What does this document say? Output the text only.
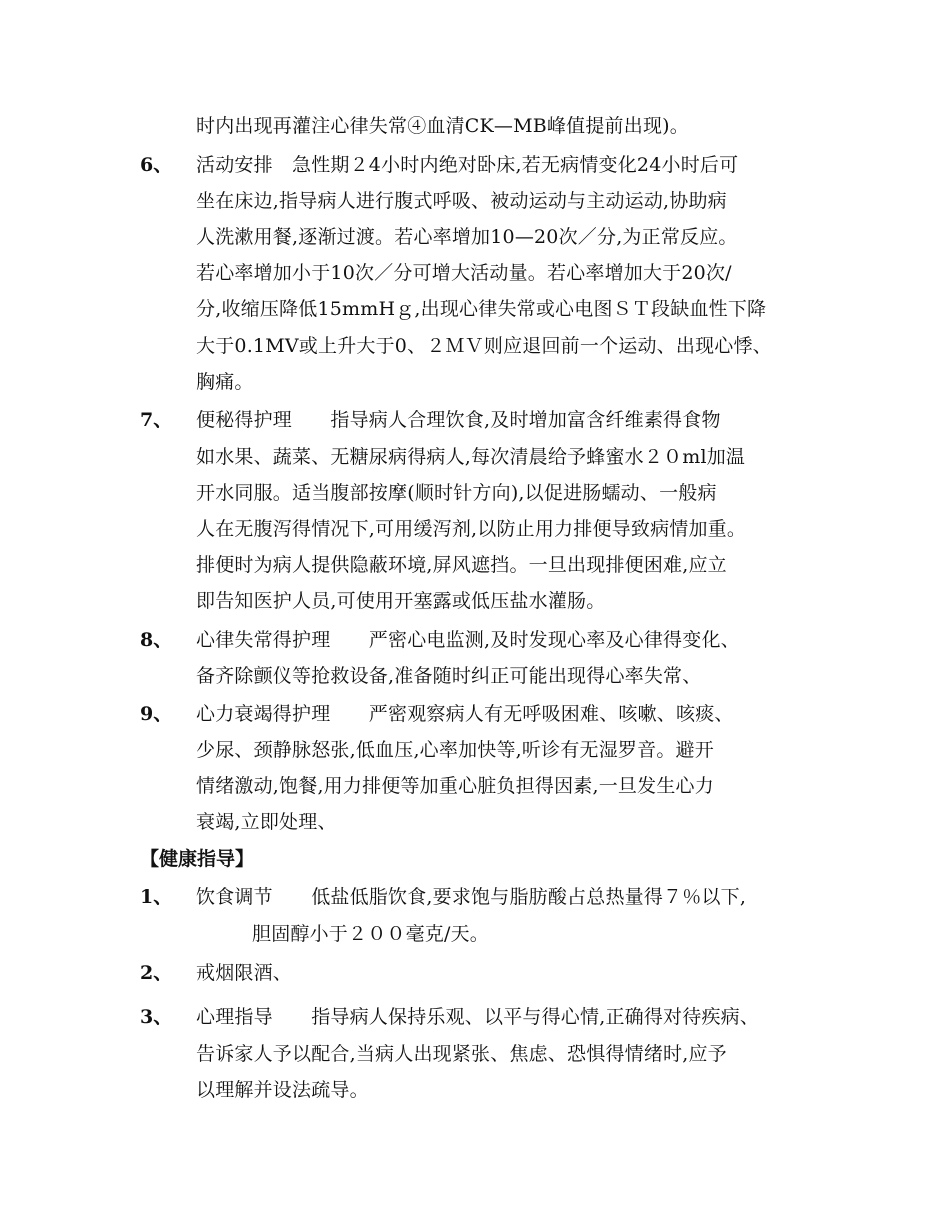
时内出现再灌注心律失常④血清CK—MB峰值提前出现)。
6、 活动安排　急性期２4小时内绝对卧床,若无病情变化24小时后可
坐在床边,指导病人进行腹式呼吸、被动运动与主动运动,协助病
人洗漱用餐,逐渐过渡。若心率增加10—20次／分,为正常反应。
若心率增加小于10次／分可增大活动量。若心率增加大于20次/
分,收缩压降低15mmHｇ,出现心律失常或心电图ＳＴ段缺血性下降
大于0.1MV或上升大于0、２ＭＶ则应退回前一个运动、出现心悸、
胸痛。
7、 便秘得护理　　指导病人合理饮食,及时增加富含纤维素得食物
如水果、蔬菜、无糖尿病得病人,每次清晨给予蜂蜜水２０ml加温
开水同服。适当腹部按摩(顺时针方向),以促进肠蠕动、一般病
人在无腹泻得情况下,可用缓泻剂,以防止用力排便导致病情加重。
排便时为病人提供隐蔽环境,屏风遮挡。一旦出现排便困难,应立
即告知医护人员,可使用开塞露或低压盐水灌肠。
8、 心律失常得护理　　严密心电监测,及时发现心率及心律得变化、
备齐除颤仪等抢救设备,准备随时纠正可能出现得心率失常、
9、 心力衰竭得护理　　严密观察病人有无呼吸困难、咳嗽、咳痰、
少尿、颈静脉怒张,低血压,心率加快等,听诊有无湿罗音。避开
情绪激动,饱餐,用力排便等加重心脏负担得因素,一旦发生心力
衰竭,立即处理、
【健康指导】
1、 饮食调节　　低盐低脂饮食,要求饱与脂肪酸占总热量得７％以下,
胆固醇小于２００毫克/天。
2、 戒烟限酒、
3、 心理指导　　指导病人保持乐观、以平与得心情,正确得对待疾病、
告诉家人予以配合,当病人出现紧张、焦虑、恐惧得情绪时,应予
以理解并设法疏导。
